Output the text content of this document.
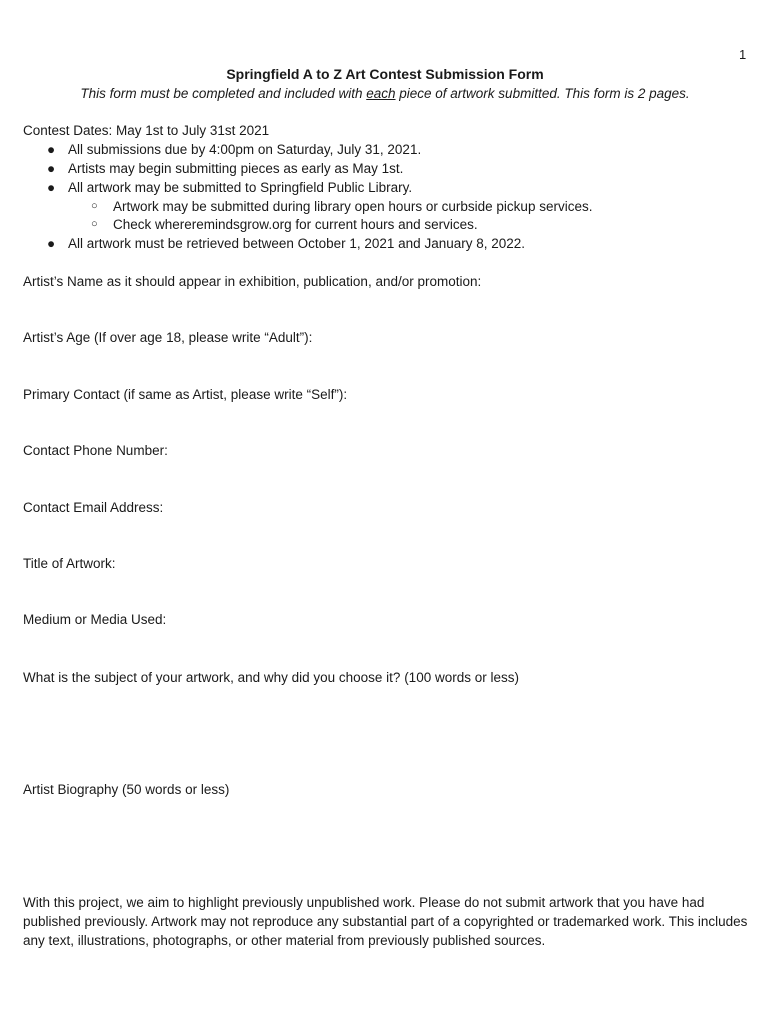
1
Springfield A to Z Art Contest Submission Form
This form must be completed and included with each piece of artwork submitted. This form is 2 pages.
Contest Dates: May 1st to July 31st 2021
● All submissions due by 4:00pm on Saturday, July 31, 2021.
● Artists may begin submitting pieces as early as May 1st.
● All artwork may be submitted to Springfield Public Library.
○ Artwork may be submitted during library open hours or curbside pickup services.
○ Check whereremindsgrow.org for current hours and services.
● All artwork must be retrieved between October 1, 2021 and January 8, 2022.
Artist’s Name as it should appear in exhibition, publication, and/or promotion:
Artist’s Age (If over age 18, please write “Adult”):
Primary Contact (if same as Artist, please write “Self”):
Contact Phone Number:
Contact Email Address:
Title of Artwork:
Medium or Media Used:
What is the subject of your artwork, and why did you choose it? (100 words or less)
Artist Biography (50 words or less)
With this project, we aim to highlight previously unpublished work. Please do not submit artwork that you have had published previously. Artwork may not reproduce any substantial part of a copyrighted or trademarked work. This includes any text, illustrations, photographs, or other material from previously published sources.
